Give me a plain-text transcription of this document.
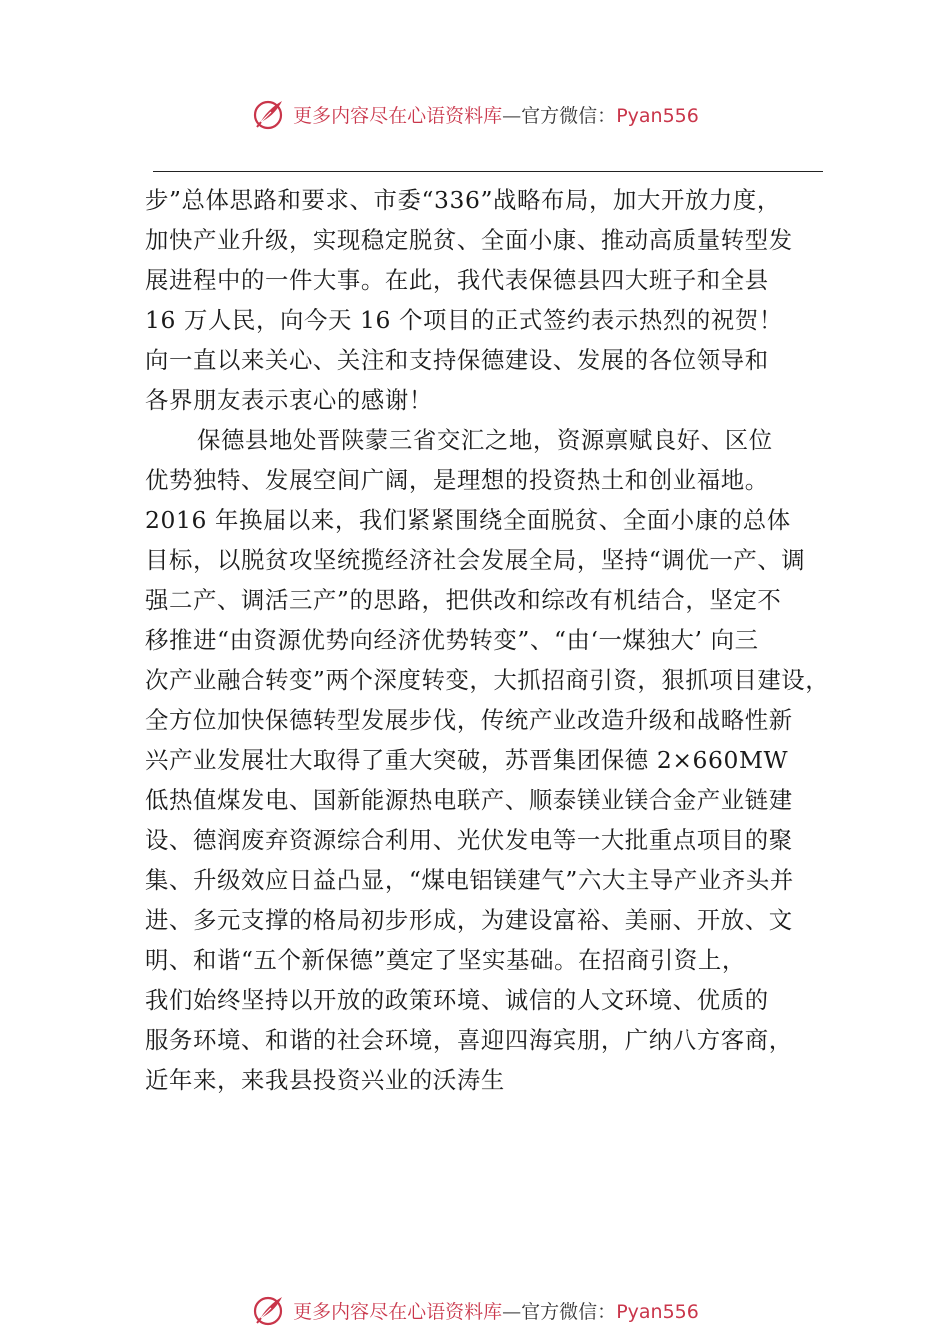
更多内容尽在心语资料库—官方微信：Pyan556
步”总体思路和要求、市委“336”战略布局，加大开放力度，
加快产业升级，实现稳定脱贫、全面小康、推动高质量转型发
展进程中的一件大事。在此，我代表保德县四大班子和全县
16 万人民，向今天 16 个项目的正式签约表示热烈的祝贺！
向一直以来关心、关注和支持保德建设、发展的各位领导和
各界朋友表示衷心的感谢！
保德县地处晋陕蒙三省交汇之地，资源禀赋良好、区位
优势独特、发展空间广阔，是理想的投资热土和创业福地。
2016 年换届以来，我们紧紧围绕全面脱贫、全面小康的总体
目标，以脱贫攻坚统揽经济社会发展全局，坚持“调优一产、调
强二产、调活三产”的思路，把供改和综改有机结合，坚定不
移推进“由资源优势向经济优势转变”、“由‘一煤独大’ 向三
次产业融合转变”两个深度转变，大抓招商引资，狠抓项目建设，
全方位加快保德转型发展步伐，传统产业改造升级和战略性新
兴产业发展壮大取得了重大突破，苏晋集团保德 2×660MW
低热值煤发电、国新能源热电联产、顺泰镁业镁合金产业链建
设、德润废弃资源综合利用、光伏发电等一大批重点项目的聚
集、升级效应日益凸显，“煤电铝镁建气”六大主导产业齐头并
进、多元支撑的格局初步形成，为建设富裕、美丽、开放、文
明、和谐“五个新保德”奠定了坚实基础。在招商引资上，
我们始终坚持以开放的政策环境、诚信的人文环境、优质的
服务环境、和谐的社会环境，喜迎四海宾朋，广纳八方客商，
近年来，来我县投资兴业的沃涛生
更多内容尽在心语资料库—官方微信：Pyan556
